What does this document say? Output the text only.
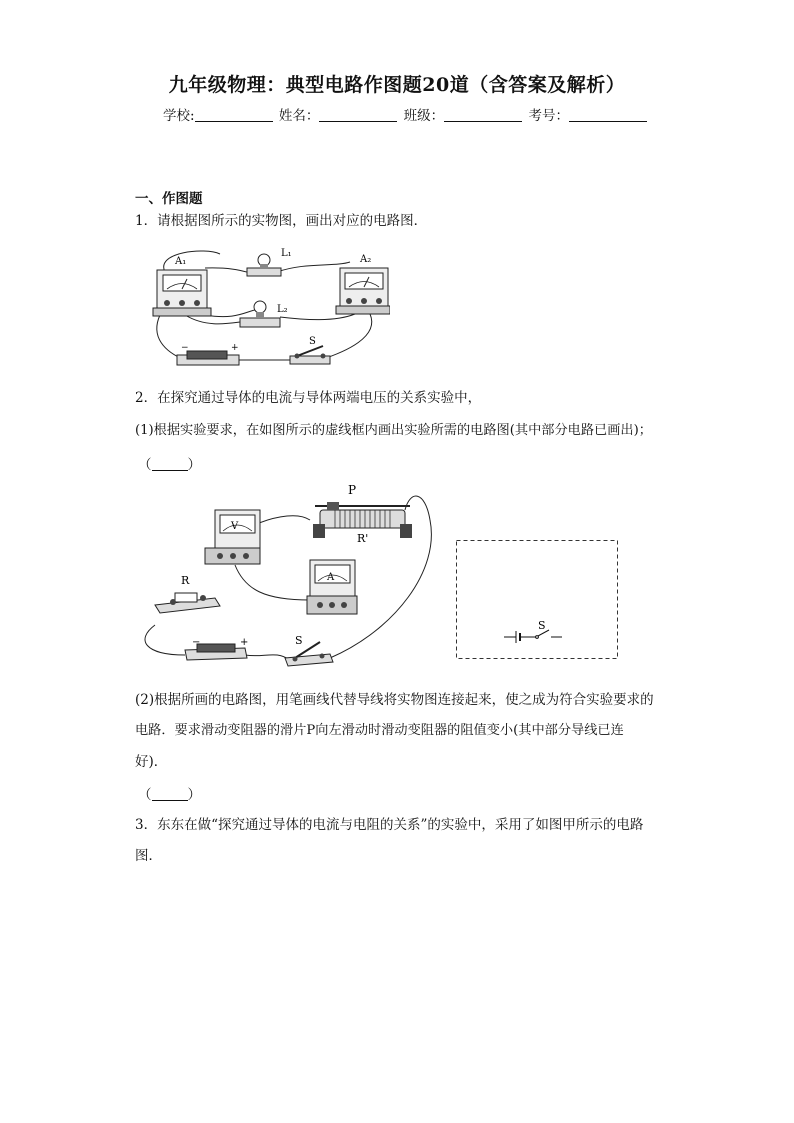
九年级物理：典型电路作图题20道（含答案及解析）
学校:	姓名：	班级：	考号：
一、作图题
1．请根据图所示的实物图，画出对应的电路图．
A₁
L₁
L₂
A₂
−	+
S
2．在探究通过导体的电流与导体两端电压的关系实验中，
(1)根据实验要求，在如图所示的虚线框内画出实验所需的电路图(其中部分电路已画出)；
（	）
V
P
R'
A
R
−	+	S
S
(2)根据所画的电路图，用笔画线代替导线将实物图连接起来，使之成为符合实验要求的
电路．要求滑动变阻器的滑片P向左滑动时滑动变阻器的阻值变小(其中部分导线已连
好)．
（	）
3．东东在做“探究通过导体的电流与电阻的关系”的实验中，采用了如图甲所示的电路
图．
